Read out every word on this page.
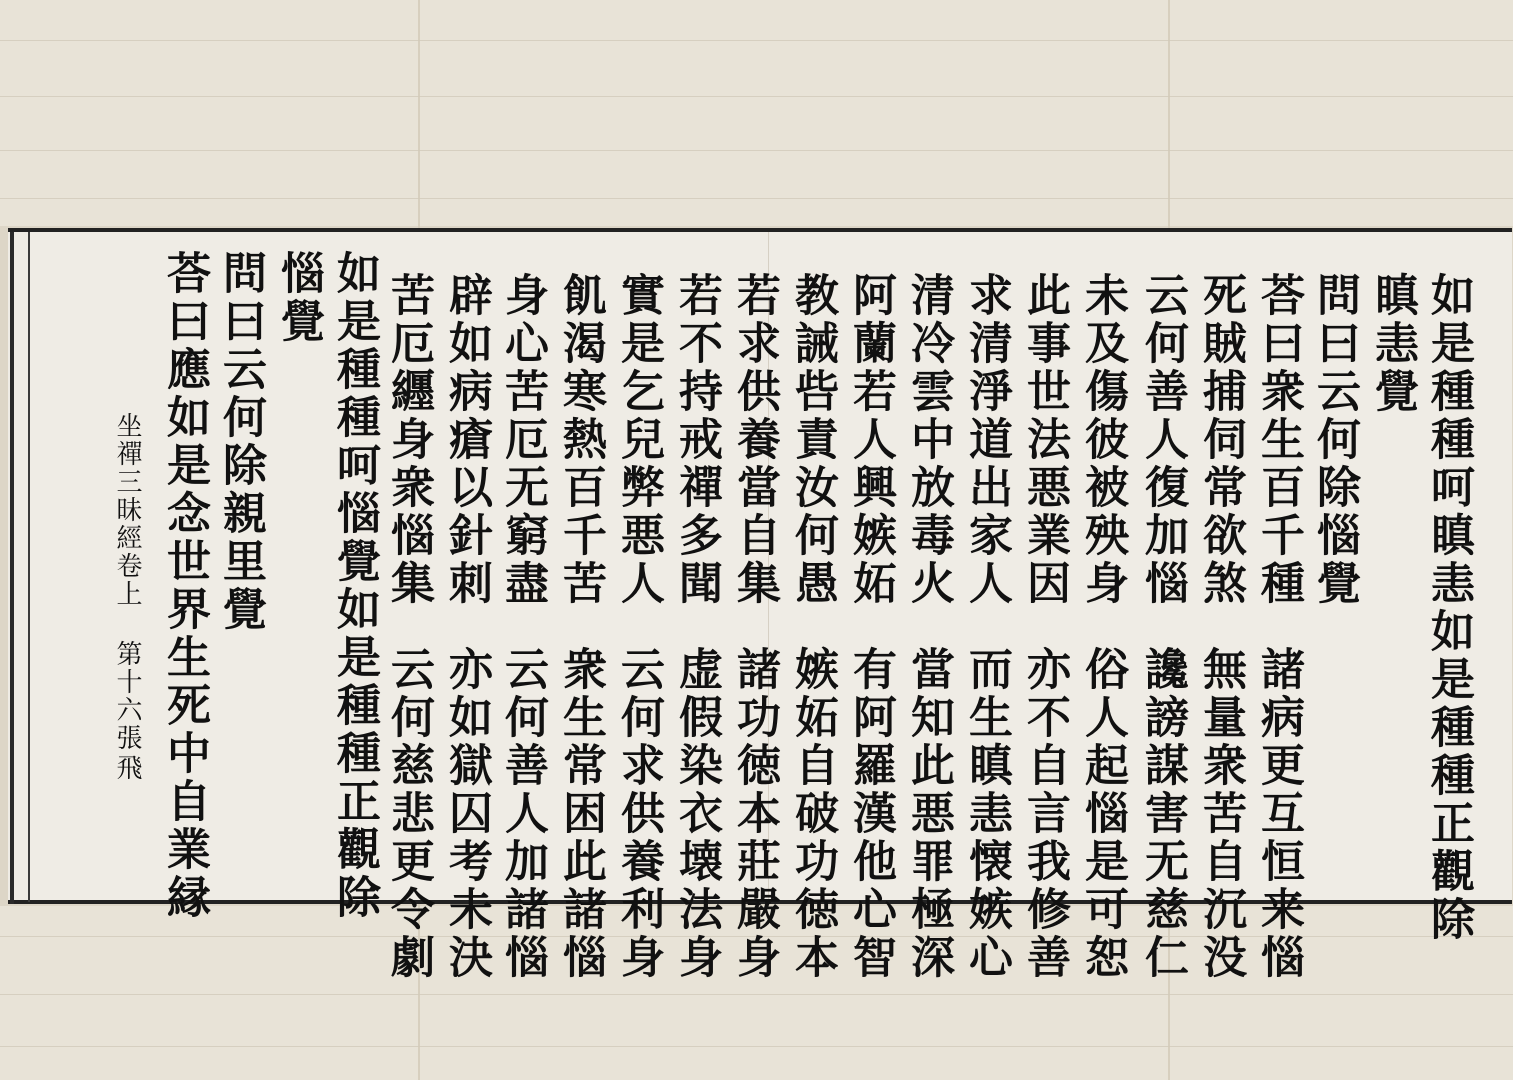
如是種種呵瞋恚如是種種正觀除
瞋恚覺
問曰云何除惱覺
荅曰衆生百千種諸病更互恒来惱
死賊捕伺常欲煞無量衆苦自沉没
云何善人復加惱讒謗謀害无慈仁
未及傷彼被殃身俗人起惱是可恕
此事世法悪業因亦不自言我修善
求清淨道出家人而生瞋恚懐嫉心
清冷雲中放毒火當知此悪罪極深
阿蘭若人興嫉妬有阿羅漢他心智
教誡呰責汝何愚嫉妬自破功徳本
若求供養當自集諸功徳本莊嚴身
若不持戒禪多聞虚假染衣壊法身
實是乞兒弊悪人云何求供養利身
飢渴寒熱百千苦衆生常困此諸惱
身心苦厄无窮盡云何善人加諸惱
辟如病瘡以針刺亦如獄囚考未決
苦厄纒身衆惱集云何慈悲更令劇
如是種種呵惱覺如是種種正觀除
惱覺
問曰云何除親里覺
荅曰應如是念世界生死中自業縁
坐禪三昧經卷上
第十六張
飛
